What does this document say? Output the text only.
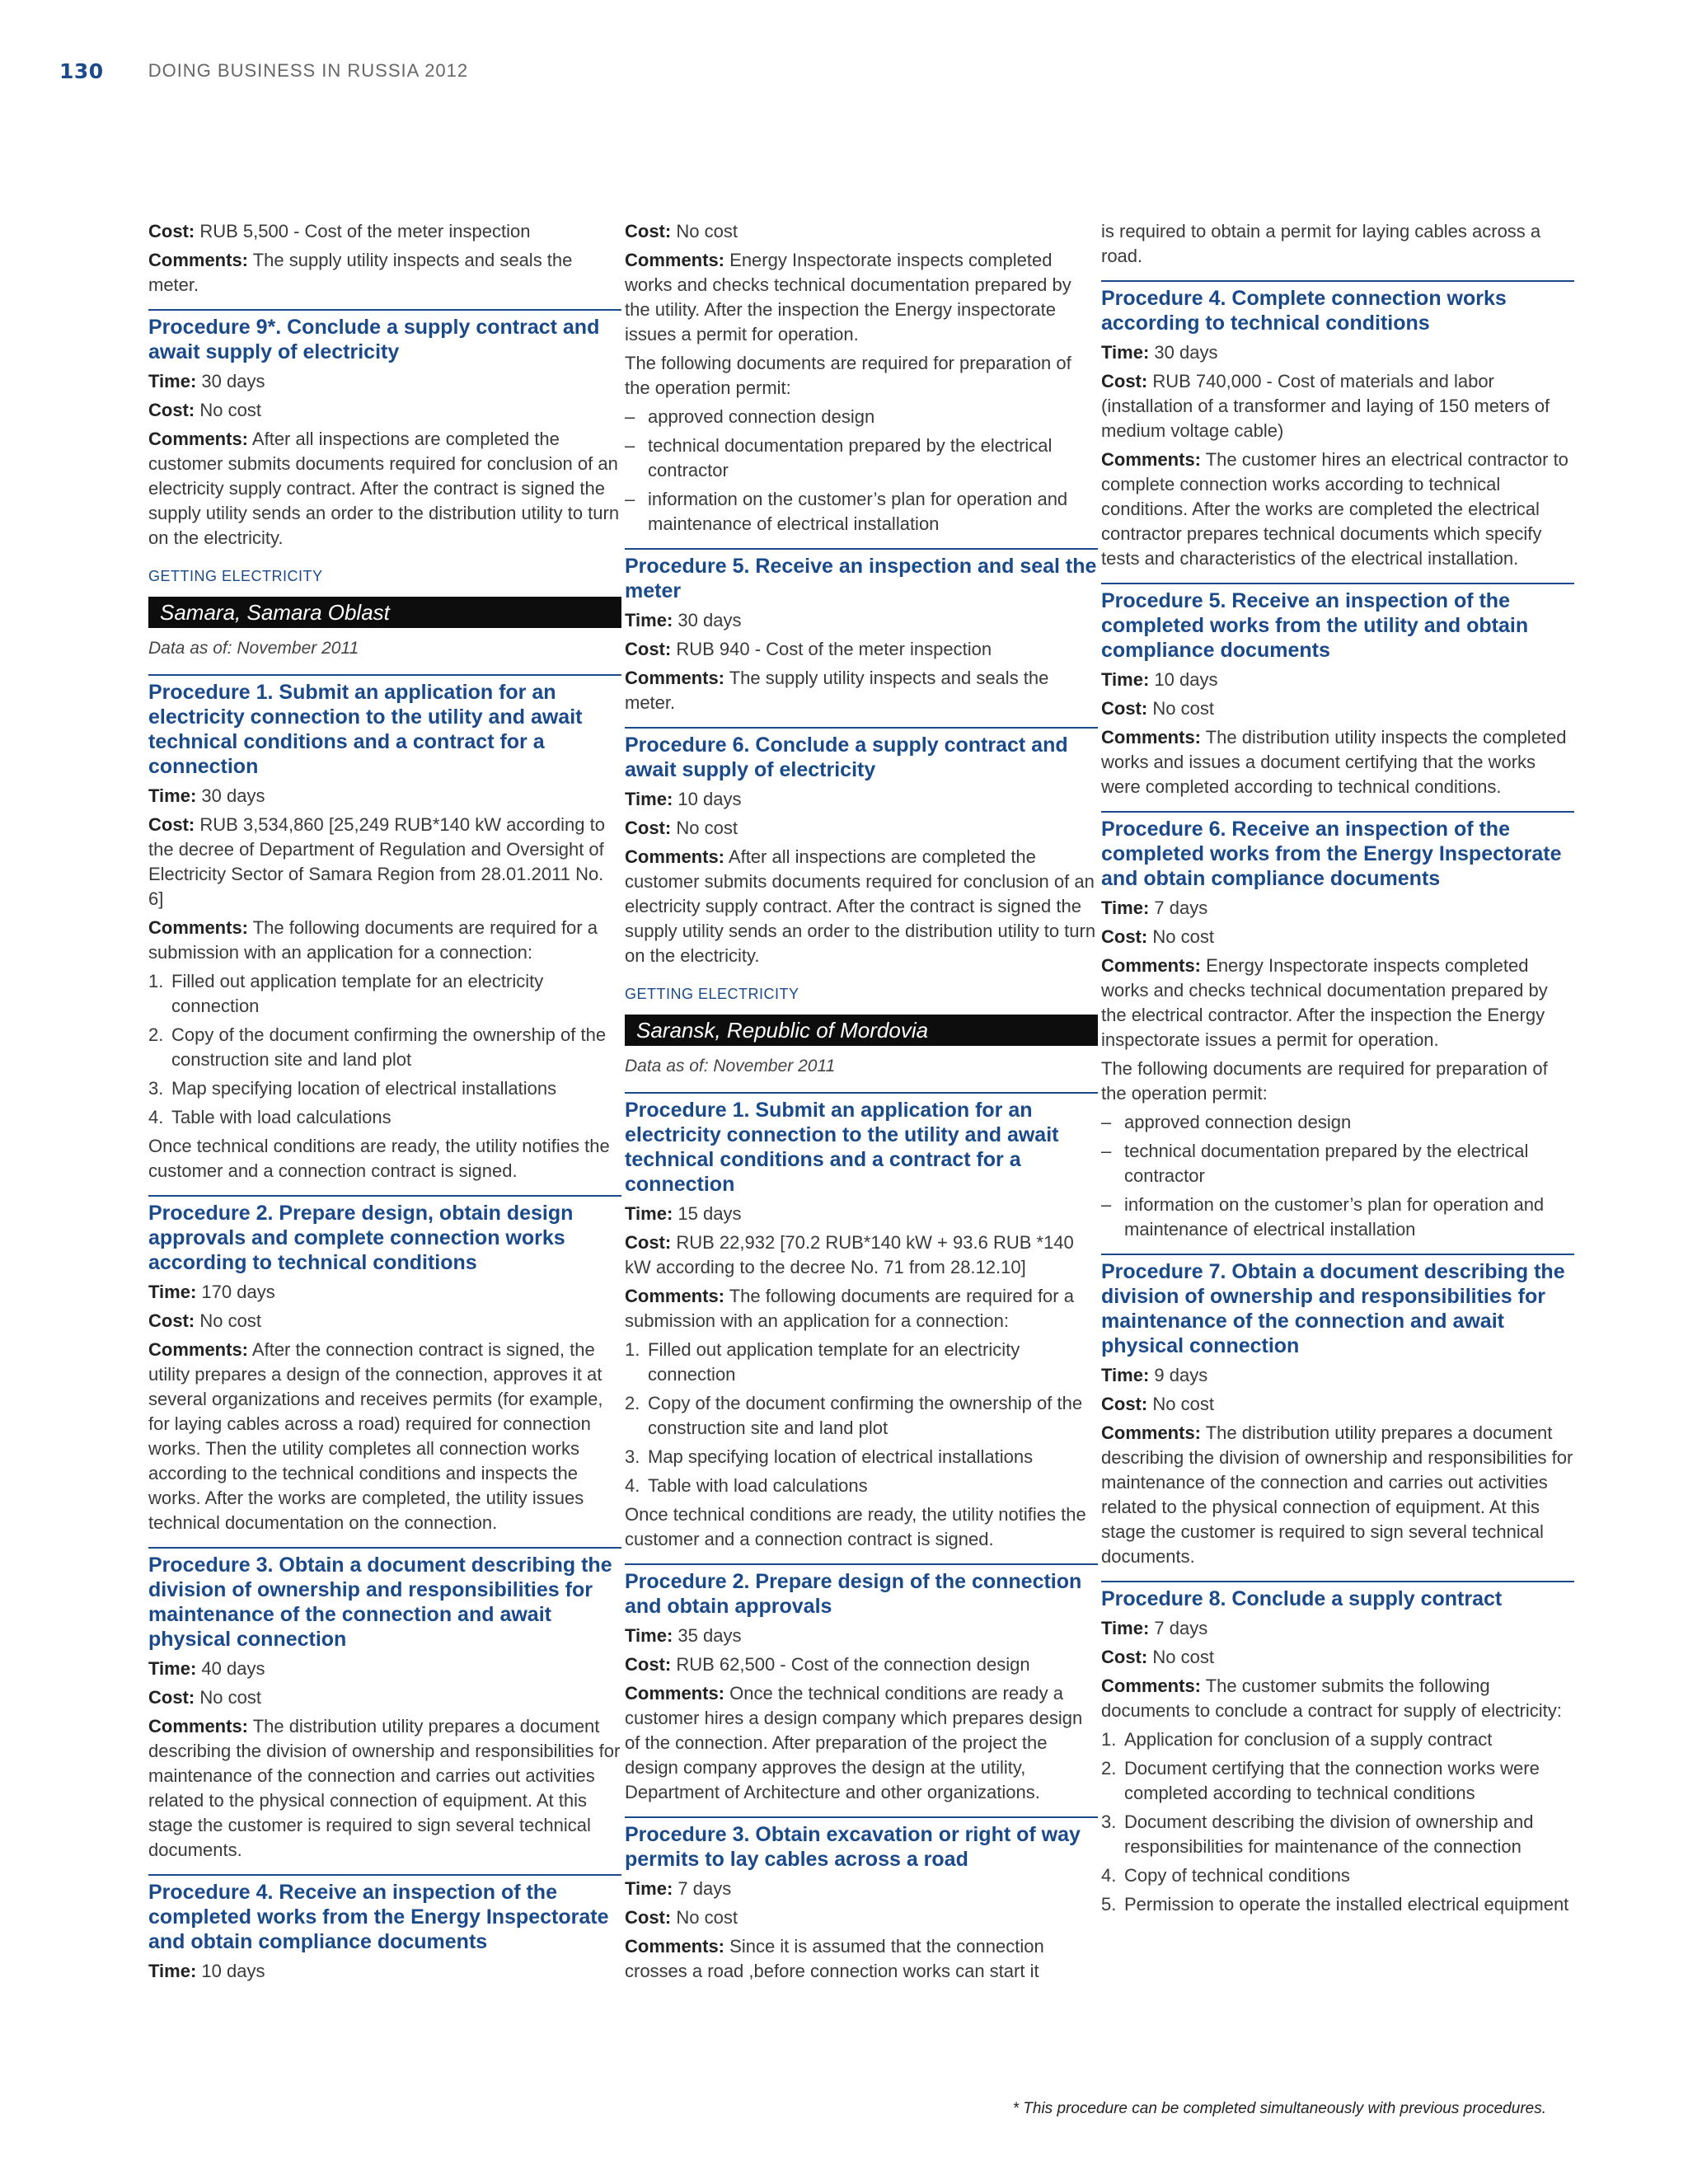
130 DOING BUSINESS IN RUSSIA 2012

Cost: RUB 5,500 - Cost of the meter inspection

Comments: The supply utility inspects and seals the meter.

Procedure 9*. Conclude a supply contract and await supply of electricity

Time: 30 days

Cost: No cost

Comments: After all inspections are completed the customer submits documents required for conclusion of an electricity supply contract. After the contract is signed the supply utility sends an order to the distribution utility to turn on the electricity.

GETTING ELECTRICITY
Samara, Samara Oblast
Data as of: November 2011
Procedure 1. Submit an application for an electricity connection to the utility and await technical conditions and a contract for a connection

Time: 30 days

Cost: RUB 3,534,860 [25,249 RUB*140 kW according to the decree of Department of Regulation and Oversight of Electricity Sector of Samara Region from 28.01.2011 No. 6]

Comments: The following documents are required for a submission with an application for a connection:

1. Filled out application template for an electricity connection
2. Copy of the document confirming the ownership of the construction site and land plot
3. Map specifying location of electrical installations
4. Table with load calculations

Once technical conditions are ready, the utility notifies the customer and a connection contract is signed.

Procedure 2. Prepare design, obtain design approvals and complete connection works according to technical conditions

Time: 170 days

Cost: No cost

Comments: After the connection contract is signed, the utility prepares a design of the connection, approves it at several organizations and receives permits (for example, for laying cables across a road) required for connection works. Then the utility completes all connection works according to the technical conditions and inspects the works. After the works are completed, the utility issues technical documentation on the connection.

Procedure 3. Obtain a document describing the division of ownership and responsibilities for maintenance of the connection and await physical connection

Time: 40 days

Cost: No cost

Comments: The distribution utility prepares a document describing the division of ownership and responsibilities for maintenance of the connection and carries out activities related to the physical connection of equipment. At this stage the customer is required to sign several technical documents.

Procedure 4. Receive an inspection of the completed works from the Energy Inspectorate and obtain compliance documents

Time: 10 days

Cost: No cost

Comments: Energy Inspectorate inspects completed works and checks technical documentation prepared by the utility. After the inspection the Energy inspectorate issues a permit for operation.

The following documents are required for preparation of the operation permit:

– approved connection design
– technical documentation prepared by the electrical contractor
– information on the customer’s plan for operation and maintenance of electrical installation
Procedure 5. Receive an inspection and seal the meter

Time: 30 days

Cost: RUB 940 - Cost of the meter inspection

Comments: The supply utility inspects and seals the meter.

Procedure 6. Conclude a supply contract and await supply of electricity

Time: 10 days

Cost: No cost

Comments: After all inspections are completed the customer submits documents required for conclusion of an electricity supply contract. After the contract is signed the supply utility sends an order to the distribution utility to turn on the electricity.

GETTING ELECTRICITY
Saransk, Republic of Mordovia
Data as of: November 2011
Procedure 1. Submit an application for an electricity connection to the utility and await technical conditions and a contract for a connection

Time: 15 days

Cost: RUB 22,932 [70.2 RUB*140 kW + 93.6 RUB *140 kW according to the decree No. 71 from 28.12.10]

Comments: The following documents are required for a submission with an application for a connection:

1. Filled out application template for an electricity connection
2. Copy of the document confirming the ownership of the construction site and land plot
3. Map specifying location of electrical installations
4. Table with load calculations

Once technical conditions are ready, the utility notifies the customer and a connection contract is signed.

Procedure 2. Prepare design of the connection and obtain approvals

Time: 35 days

Cost: RUB 62,500 - Cost of the connection design

Comments: Once the technical conditions are ready a customer hires a design company which prepares design of the connection. After preparation of the project the design company approves the design at the utility, Department of Architecture and other organizations.

Procedure 3. Obtain excavation or right of way permits to lay cables across a road

Time: 7 days

Cost: No cost

Comments: Since it is assumed that the connection crosses a road ,before connection works can start it

is required to obtain a permit for laying cables across a road.

Procedure 4. Complete connection works according to technical conditions

Time: 30 days

Cost: RUB 740,000 - Cost of materials and labor (installation of a transformer and laying of 150 meters of medium voltage cable)

Comments: The customer hires an electrical contractor to complete connection works according to technical conditions. After the works are completed the electrical contractor prepares technical documents which specify tests and characteristics of the electrical installation.

Procedure 5. Receive an inspection of the completed works from the utility and obtain compliance documents

Time: 10 days

Cost: No cost

Comments: The distribution utility inspects the completed works and issues a document certifying that the works were completed according to technical conditions.

Procedure 6. Receive an inspection of the completed works from the Energy Inspectorate and obtain compliance documents

Time: 7 days

Cost: No cost

Comments: Energy Inspectorate inspects completed works and checks technical documentation prepared by the electrical contractor. After the inspection the Energy inspectorate issues a permit for operation.

The following documents are required for preparation of the operation permit:

– approved connection design
– technical documentation prepared by the electrical contractor
– information on the customer’s plan for operation and maintenance of electrical installation
Procedure 7. Obtain a document describing the division of ownership and responsibilities for maintenance of the connection and await physical connection

Time: 9 days

Cost: No cost

Comments: The distribution utility prepares a document describing the division of ownership and responsibilities for maintenance of the connection and carries out activities related to the physical connection of equipment. At this stage the customer is required to sign several technical documents.

Procedure 8. Conclude a supply contract

Time: 7 days

Cost: No cost

Comments: The customer submits the following documents to conclude a contract for supply of electricity:

1. Application for conclusion of a supply contract
2. Document certifying that the connection works were completed according to technical conditions
3. Document describing the division of ownership and responsibilities for maintenance of the connection
4. Copy of technical conditions
5. Permission to operate the installed electrical equipment
* This procedure can be completed simultaneously with previous procedures.
